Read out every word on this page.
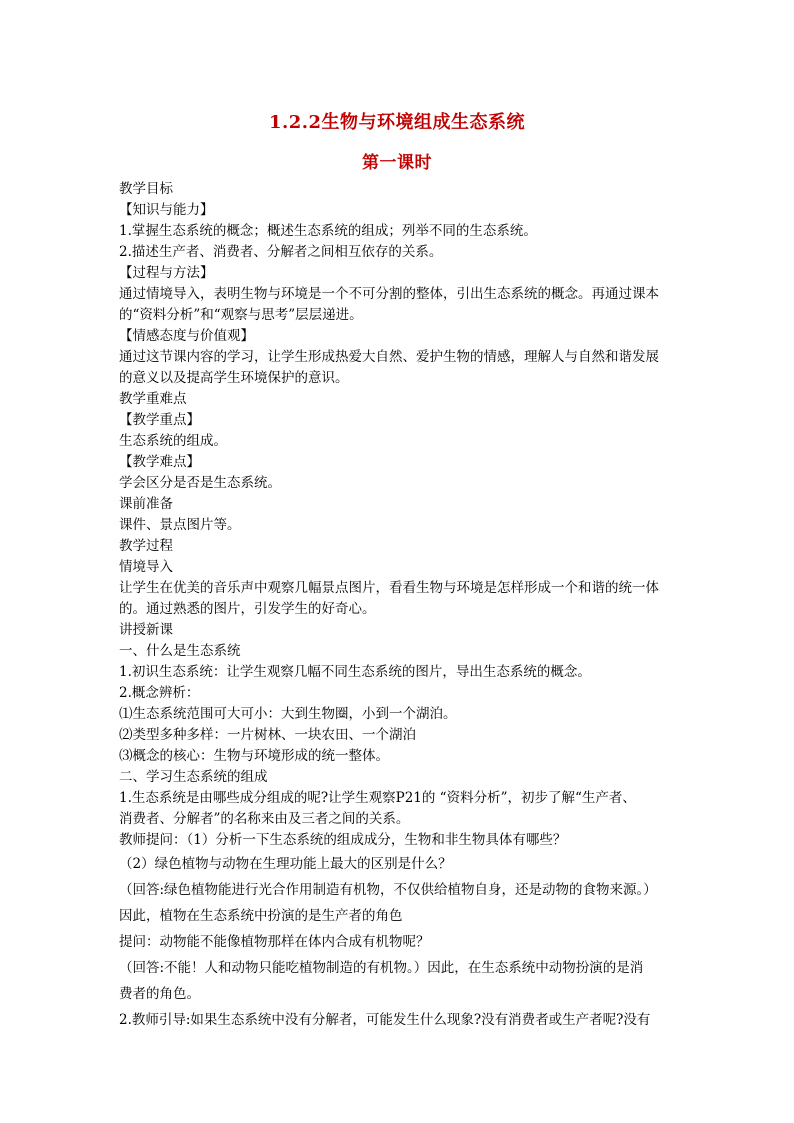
1.2.2生物与环境组成生态系统
第一课时
教学目标
【知识与能力】
1.掌握生态系统的概念；概述生态系统的组成；列举不同的生态系统。
2.描述生产者、消费者、分解者之间相互依存的关系。
【过程与方法】
通过情境导入，表明生物与环境是一个不可分割的整体，引出生态系统的概念。再通过课本
的“资料分析”和“观察与思考”层层递进。
【情感态度与价值观】
通过这节课内容的学习，让学生形成热爱大自然、爱护生物的情感，理解人与自然和谐发展
的意义以及提高学生环境保护的意识。
教学重难点
【教学重点】
生态系统的组成。
【教学难点】
学会区分是否是生态系统。
课前准备
课件、景点图片等。
教学过程
情境导入
让学生在优美的音乐声中观察几幅景点图片，看看生物与环境是怎样形成一个和谐的统一体
的。通过熟悉的图片，引发学生的好奇心。
讲授新课
一、什么是生态系统
1.初识生态系统：让学生观察几幅不同生态系统的图片，导出生态系统的概念。
2.概念辨析：
⑴生态系统范围可大可小：大到生物圈，小到一个湖泊。
⑵类型多种多样：一片树林、一块农田、一个湖泊
⑶概念的核心：生物与环境形成的统一整体。
二、学习生态系统的组成
1.生态系统是由哪些成分组成的呢?让学生观察P21的 “资料分析”，初步了解“生产者、
消费者、分解者”的名称来由及三者之间的关系。
教师提问：（1）分析一下生态系统的组成成分，生物和非生物具体有哪些？
（2）绿色植物与动物在生理功能上最大的区别是什么？
（回答:绿色植物能进行光合作用制造有机物，不仅供给植物自身，还是动物的食物来源。）
因此，植物在生态系统中扮演的是生产者的角色
提问：动物能不能像植物那样在体内合成有机物呢？
（回答:不能！人和动物只能吃植物制造的有机物。）因此，在生态系统中动物扮演的是消
费者的角色。
2.教师引导:如果生态系统中没有分解者，可能发生什么现象?没有消费者或生产者呢?没有
